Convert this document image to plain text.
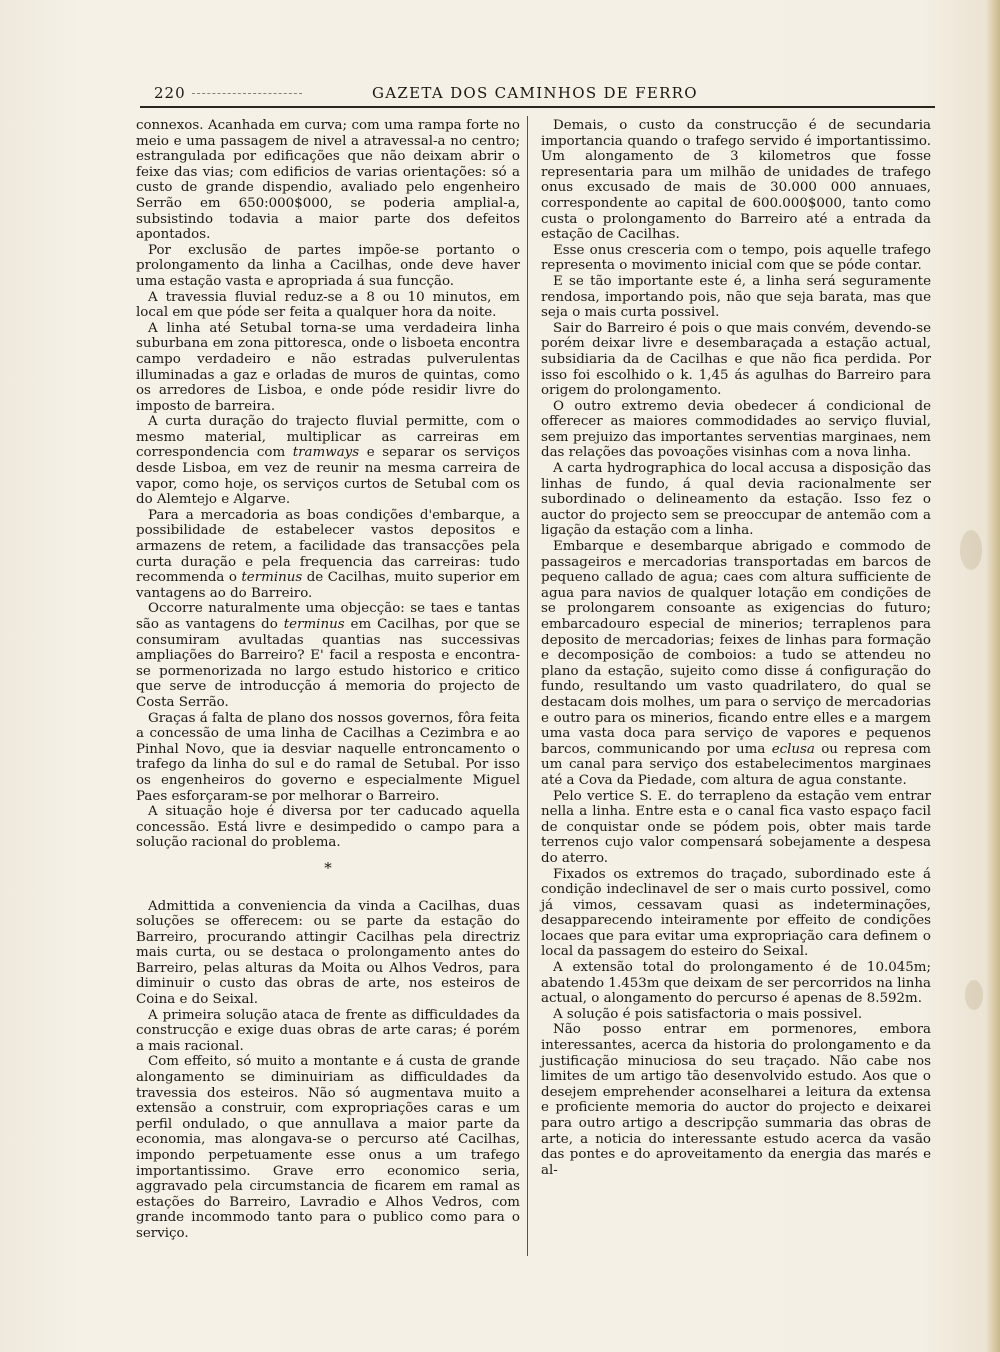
220	GAZETA DOS CAMINHOS DE FERRO

connexos. Acanhada em curva; com uma rampa forte no meio e uma passagem de nivel a atravessal-a no centro; estrangulada por edificações que não deixam abrir o feixe das vias; com edificios de varias orientações: só a custo de grande dispendio, avaliado pelo engenheiro Serrão em 650:000$000, se poderia amplial-a, subsistindo todavia a maior parte dos defeitos apontados.

Por exclusão de partes impõe-se portanto o prolongamento da linha a Cacilhas, onde deve haver uma estação vasta e apropriada á sua funcção.

A travessia fluvial reduz-se a 8 ou 10 minutos, em local em que póde ser feita a qualquer hora da noite.

A linha até Setubal torna-se uma verdadeira linha suburbana em zona pittoresca, onde o lisboeta encontra campo verdadeiro e não estradas pulverulentas illuminadas a gaz e orladas de muros de quintas, como os arredores de Lisboa, e onde póde residir livre do imposto de barreira.

A curta duração do trajecto fluvial permitte, com o mesmo material, multiplicar as carreiras em correspondencia com tramways e separar os serviços desde Lisboa, em vez de reunir na mesma carreira de vapor, como hoje, os serviços curtos de Setubal com os do Alemtejo e Algarve.

Para a mercadoria as boas condições d'embarque, a possibilidade de estabelecer vastos depositos e armazens de retem, a facilidade das transacções pela curta duração e pela frequencia das carreiras: tudo recommenda o terminus de Cacilhas, muito superior em vantagens ao do Barreiro.

Occorre naturalmente uma objecção: se taes e tantas são as vantagens do terminus em Cacilhas, por que se consumiram avultadas quantias nas successivas ampliações do Barreiro? E' facil a resposta e encontra-se pormenorizada no largo estudo historico e critico que serve de introducção á memoria do projecto de Costa Serrão.

Graças á falta de plano dos nossos governos, fôra feita a concessão de uma linha de Cacilhas a Cezimbra e ao Pinhal Novo, que ia desviar naquelle entroncamento o trafego da linha do sul e do ramal de Setubal. Por isso os engenheiros do governo e especialmente Miguel Paes esforçaram-se por melhorar o Barreiro.

A situação hoje é diversa por ter caducado aquella concessão. Está livre e desimpedido o campo para a solução racional do problema.

*

Admittida a conveniencia da vinda a Cacilhas, duas soluções se offerecem: ou se parte da estação do Barreiro, procurando attingir Cacilhas pela directriz mais curta, ou se destaca o prolongamento antes do Barreiro, pelas alturas da Moita ou Alhos Vedros, para diminuir o custo das obras de arte, nos esteiros de Coina e do Seixal.

A primeira solução ataca de frente as difficuldades da construcção e exige duas obras de arte caras; é porém a mais racional.

Com effeito, só muito a montante e á custa de grande alongamento se diminuiriam as difficuldades da travessia dos esteiros. Não só augmentava muito a extensão a construir, com expropriações caras e um perfil ondulado, o que annullava a maior parte da economia, mas alongava-se o percurso até Cacilhas, impondo perpetuamente esse onus a um trafego importantissimo. Grave erro economico seria, aggravado pela circumstancia de ficarem em ramal as estações do Barreiro, Lavradio e Alhos Vedros, com grande incommodo tanto para o publico como para o serviço.

Demais, o custo da construcção é de secundaria importancia quando o trafego servido é importantissimo. Um alongamento de 3 kilometros que fosse representaria para um milhão de unidades de trafego onus excusado de mais de 30.000 000 annuaes, correspondente ao capital de 600.000$000, tanto como custa o prolongamento do Barreiro até a entrada da estação de Cacilhas.

Esse onus cresceria com o tempo, pois aquelle trafego representa o movimento inicial com que se póde contar.

E se tão importante este é, a linha será seguramente rendosa, importando pois, não que seja barata, mas que seja o mais curta possivel.

Sair do Barreiro é pois o que mais convém, devendo-se porém deixar livre e desembaraçada a estação actual, subsidiaria da de Cacilhas e que não fica perdida. Por isso foi escolhido o k. 1,45 ás agulhas do Barreiro para origem do prolongamento.

O outro extremo devia obedecer á condicional de offerecer as maiores commodidades ao serviço fluvial, sem prejuizo das importantes serventias marginaes, nem das relações das povoações visinhas com a nova linha.

A carta hydrographica do local accusa a disposição das linhas de fundo, á qual devia racionalmente ser subordinado o delineamento da estação. Isso fez o auctor do projecto sem se preoccupar de antemão com a ligação da estação com a linha.

Embarque e desembarque abrigado e commodo de passageiros e mercadorias transportadas em barcos de pequeno callado de agua; caes com altura sufficiente de agua para navios de qualquer lotação em condições de se prolongarem consoante as exigencias do futuro; embarcadouro especial de minerios; terraplenos para deposito de mercadorias; feixes de linhas para formação e decomposição de comboios: a tudo se attendeu no plano da estação, sujeito como disse á configuração do fundo, resultando um vasto quadrilatero, do qual se destacam dois molhes, um para o serviço de mercadorias e outro para os minerios, ficando entre elles e a margem uma vasta doca para serviço de vapores e pequenos barcos, communicando por uma eclusa ou represa com um canal para serviço dos estabelecimentos marginaes até a Cova da Piedade, com altura de agua constante.

Pelo vertice S. E. do terrapleno da estação vem entrar nella a linha. Entre esta e o canal fica vasto espaço facil de conquistar onde se pódem pois, obter mais tarde terrenos cujo valor compensará sobejamente a despesa do aterro.

Fixados os extremos do traçado, subordinado este á condição indeclinavel de ser o mais curto possivel, como já vimos, cessavam quasi as indeterminações, desapparecendo inteiramente por effeito de condições locaes que para evitar uma expropriação cara definem o local da passagem do esteiro do Seixal.

A extensão total do prolongamento é de 10.045m; abatendo 1.453m que deixam de ser percorridos na linha actual, o alongamento do percurso é apenas de 8.592m.

A solução é pois satisfactoria o mais possivel.

Não posso entrar em pormenores, embora interessantes, acerca da historia do prolongamento e da justificação minuciosa do seu traçado. Não cabe nos limites de um artigo tão desenvolvido estudo. Aos que o desejem emprehender aconselharei a leitura da extensa e proficiente memoria do auctor do projecto e deixarei para outro artigo a descripção summaria das obras de arte, a noticia do interessante estudo acerca da vasão das pontes e do aproveitamento da energia das marés e al-
